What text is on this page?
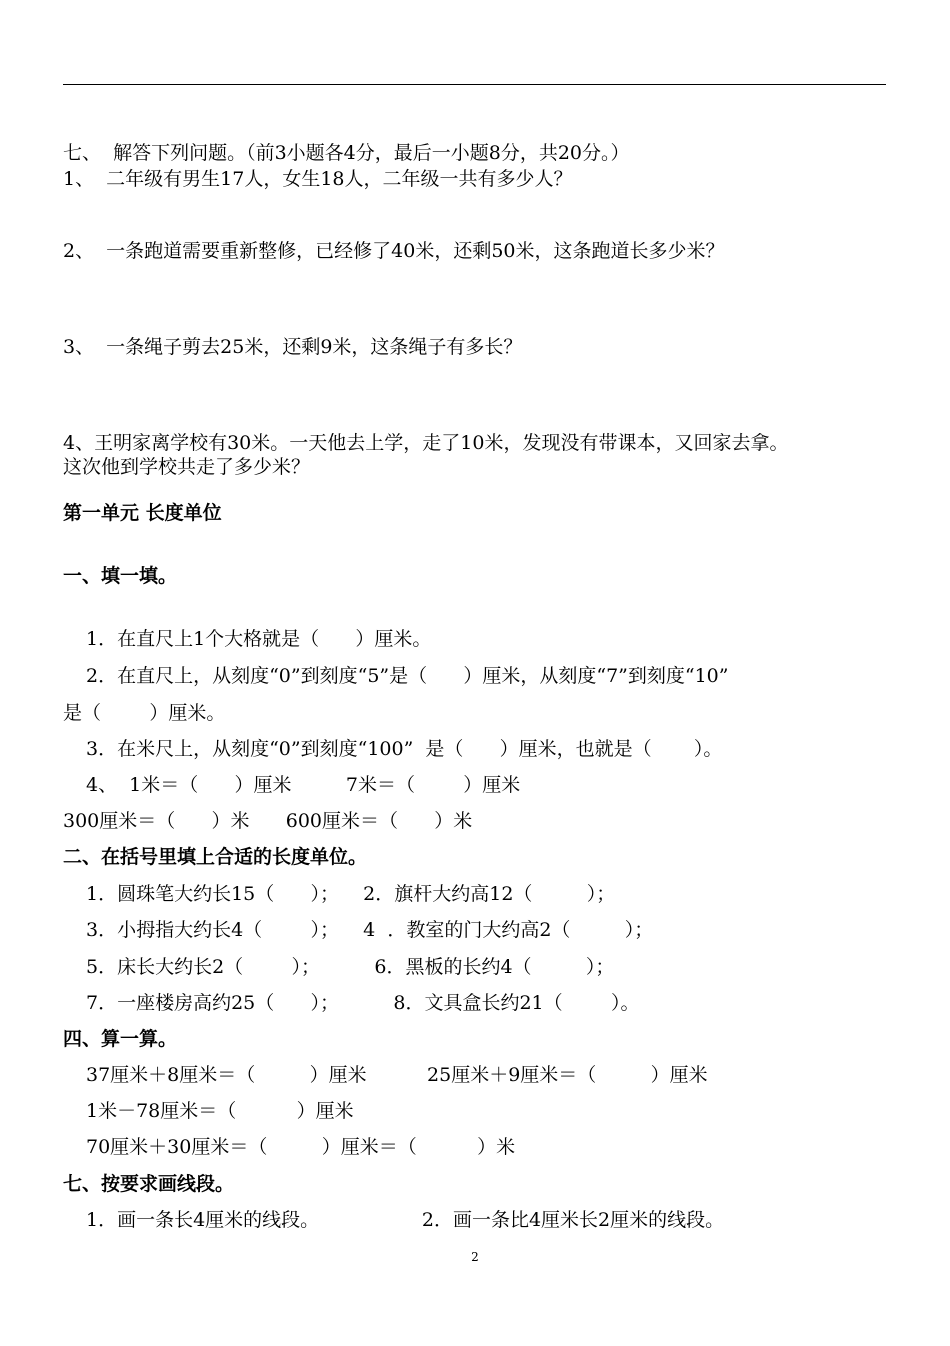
七、  解答下列问题。（前3小题各4分，最后一小题8分，共20分。）
1、  二年级有男生17人，女生18人，二年级一共有多少人？
2、  一条跑道需要重新整修，已经修了40米，还剩50米，这条跑道长多少米？
3、  一条绳子剪去25米，还剩9米，这条绳子有多长？
4、王明家离学校有30米。一天他去上学，走了10米，发现没有带课本，又回家去拿。
这次他到学校共走了多少米？
第一单元 长度单位
一、填一填。
1．在直尺上1个大格就是（      ）厘米。
2．在直尺上，从刻度“0”到刻度“5”是（      ）厘米，从刻度“7”到刻度“10”
是（        ）厘米。
3．在米尺上，从刻度“0”到刻度“100”  是（      ）厘米，也就是（       ）。
4、  1米＝（      ）厘米         7米＝（        ）厘米
300厘米＝（      ）米      600厘米＝（      ）米
二、在括号里填上合适的长度单位。
1．圆珠笔大约长15（      ）；    2．旗杆大约高12（         ）；
3．小拇指大约长4（        ）；    4  ．教室的门大约高2（         ）；
5．床长大约长2（        ）；         6．黑板的长约4（         ）；
7．一座楼房高约25（      ）；         8．文具盒长约21（        ）。
四、算一算。
37厘米＋8厘米＝（         ）厘米          25厘米＋9厘米＝（         ）厘米
1米－78厘米＝（          ）厘米
70厘米＋30厘米＝（         ）厘米＝（          ）米
七、按要求画线段。
1．画一条长4厘米的线段。                 2．画一条比4厘米长2厘米的线段。
2
